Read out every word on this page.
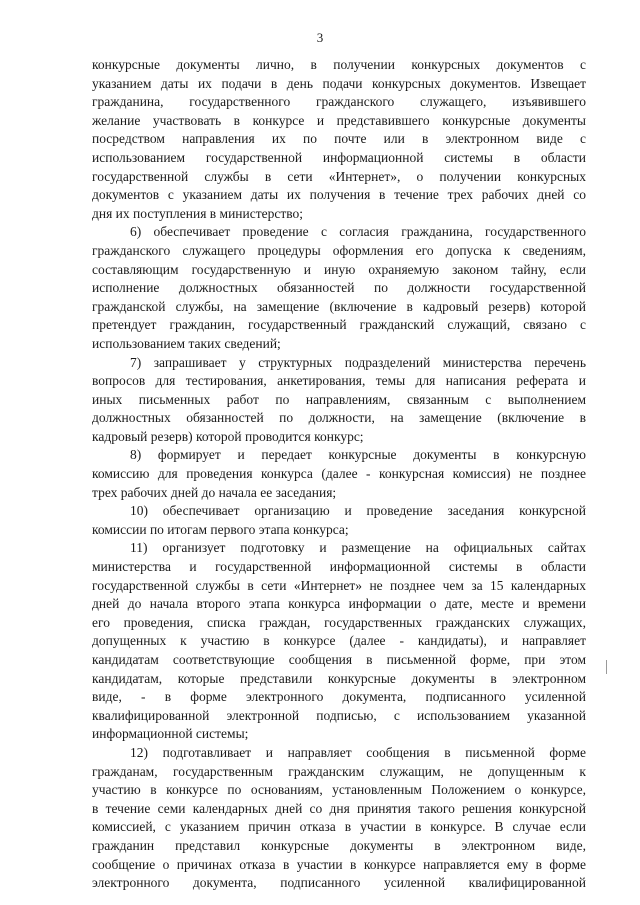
3
конкурсные документы лично, в получении конкурсных документов с
указанием даты их подачи в день подачи конкурсных документов. Извещает
гражданина, государственного гражданского служащего, изъявившего
желание участвовать в конкурсе и представившего конкурсные документы
посредством направления их по почте или в электронном виде с
использованием государственной информационной системы в области
государственной службы в сети «Интернет», о получении конкурсных
документов с указанием даты их получения в течение трех рабочих дней со
дня их поступления в министерство;
6) обеспечивает проведение с согласия гражданина, государственного
гражданского служащего процедуры оформления его допуска к сведениям,
составляющим государственную и иную охраняемую законом тайну, если
исполнение должностных обязанностей по должности государственной
гражданской службы, на замещение (включение в кадровый резерв) которой
претендует гражданин, государственный гражданский служащий, связано с
использованием таких сведений;
7) запрашивает у структурных подразделений министерства перечень
вопросов для тестирования, анкетирования, темы для написания реферата и
иных письменных работ по направлениям, связанным с выполнением
должностных обязанностей по должности, на замещение (включение в
кадровый резерв) которой проводится конкурс;
8) формирует и передает конкурсные документы в конкурсную
комиссию для проведения конкурса (далее - конкурсная комиссия) не позднее
трех рабочих дней до начала ее заседания;
10) обеспечивает организацию и проведение заседания конкурсной
комиссии по итогам первого этапа конкурса;
11) организует подготовку и размещение на официальных сайтах
министерства и государственной информационной системы в области
государственной службы в сети «Интернет» не позднее чем за 15 календарных
дней до начала второго этапа конкурса информации о дате, месте и времени
его проведения, списка граждан, государственных гражданских служащих,
допущенных к участию в конкурсе (далее - кандидаты), и направляет
кандидатам соответствующие сообщения в письменной форме, при этом
кандидатам, которые представили конкурсные документы в электронном
виде, - в форме электронного документа, подписанного усиленной
квалифицированной электронной подписью, с использованием указанной
информационной системы;
12) подготавливает и направляет сообщения в письменной форме
гражданам, государственным гражданским служащим, не допущенным к
участию в конкурсе по основаниям, установленным Положением о конкурсе,
в течение семи календарных дней со дня принятия такого решения конкурсной
комиссией, с указанием причин отказа в участии в конкурсе. В случае если
гражданин представил конкурсные документы в электронном виде,
сообщение о причинах отказа в участии в конкурсе направляется ему в форме
электронного документа, подписанного усиленной квалифицированной
